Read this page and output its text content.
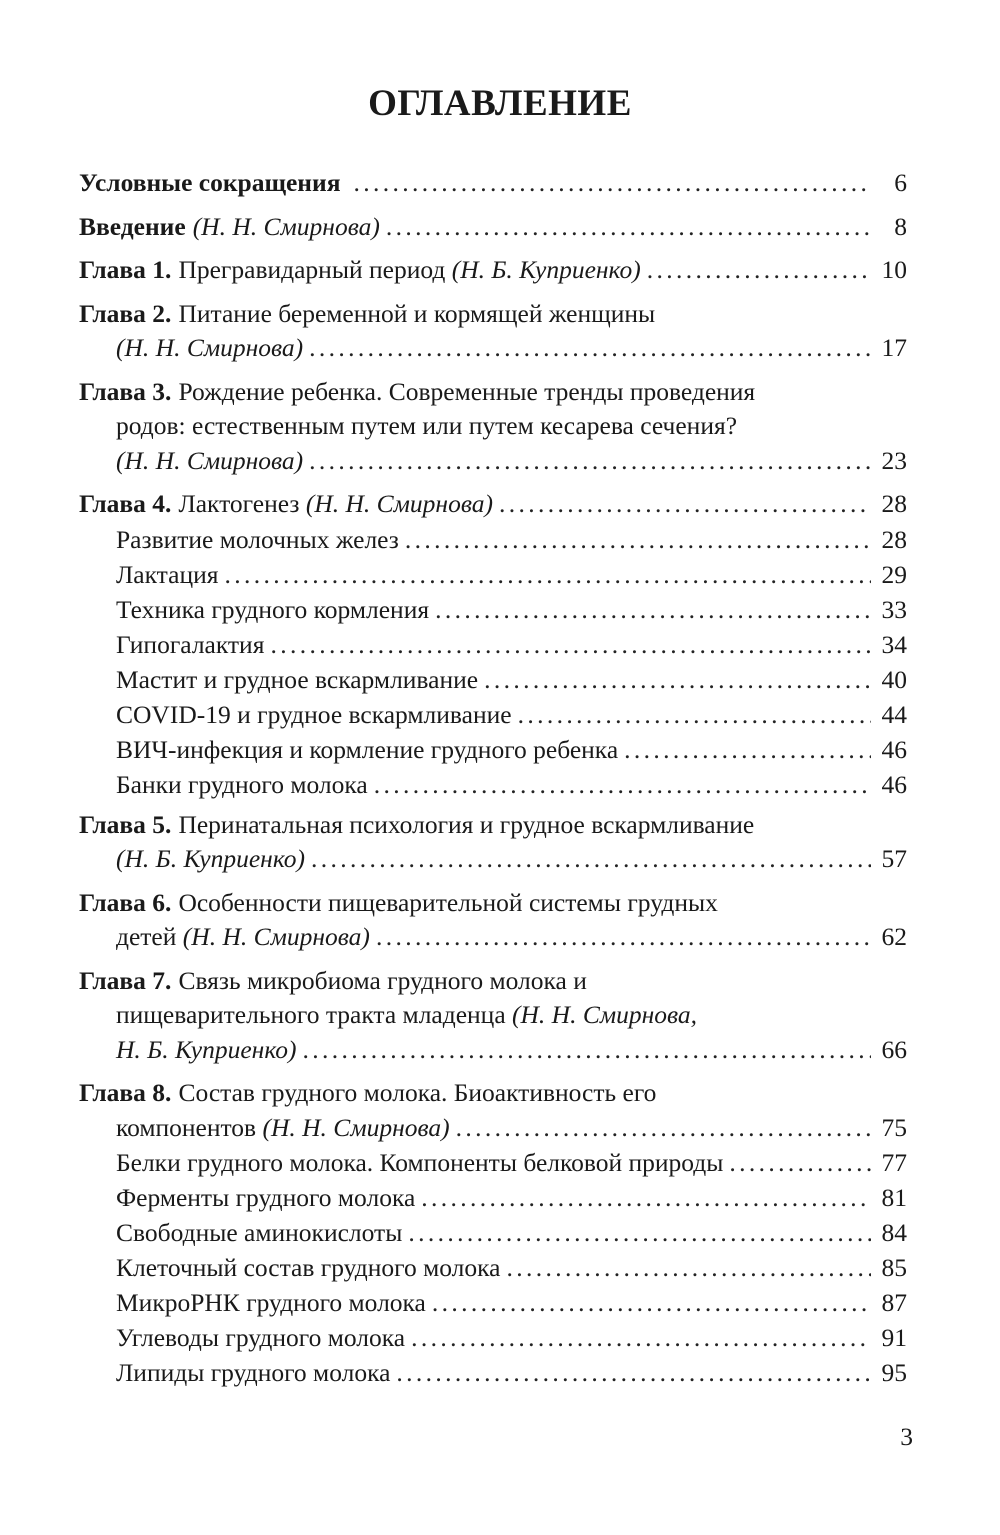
ОГЛАВЛЕНИЕ
Условные сокращения . . .	6
Введение (Н. Н. Смирнова) . . .	8
Глава 1. Прегравидарный период
(Н. Б. Куприенко) . . .	10
Глава 2. Питание беременной и кормящей женщины
(Н. Н. Смирнова) . . .	17
Глава 3. Рождение ребенка. Современные тренды проведения
родов: естественным путем или путем кесарева сечения?
(Н. Н. Смирнова) . . .	23
Глава 4. Лактогенез
(Н. Н. Смирнова) . . .	28
Развитие молочных желез . . .	28
Лактация . . .	29
Техника грудного кормления . . .	33
Гипогалактия . . .	34
Мастит и грудное вскармливание . . .	40
COVID-19 и грудное вскармливание . . .	44
ВИЧ-инфекция и кормление грудного ребенка . . .	46
Банки грудного молока . . .	46
Глава 5. Перинатальная психология и грудное вскармливание
(Н. Б. Куприенко) . . .	57
Глава 6. Особенности пищеварительной системы грудных
детей
(Н. Н. Смирнова) . . .	62
Глава 7. Связь микробиома грудного молока и
пищеварительного тракта младенца
(Н. Н. Смирнова,
Н. Б. Куприенко) . . .	66
Глава 8. Состав грудного молока. Биоактивность его
компонентов
(Н. Н. Смирнова) . . .	75
Белки грудного молока. Компоненты белковой природы . . .	77
Ферменты грудного молока . . .	81
Свободные аминокислоты . . .	84
Клеточный состав грудного молока . . .	85
МикроРНК грудного молока . . .	87
Углеводы грудного молока . . .	91
Липиды грудного молока . . .	95
3
